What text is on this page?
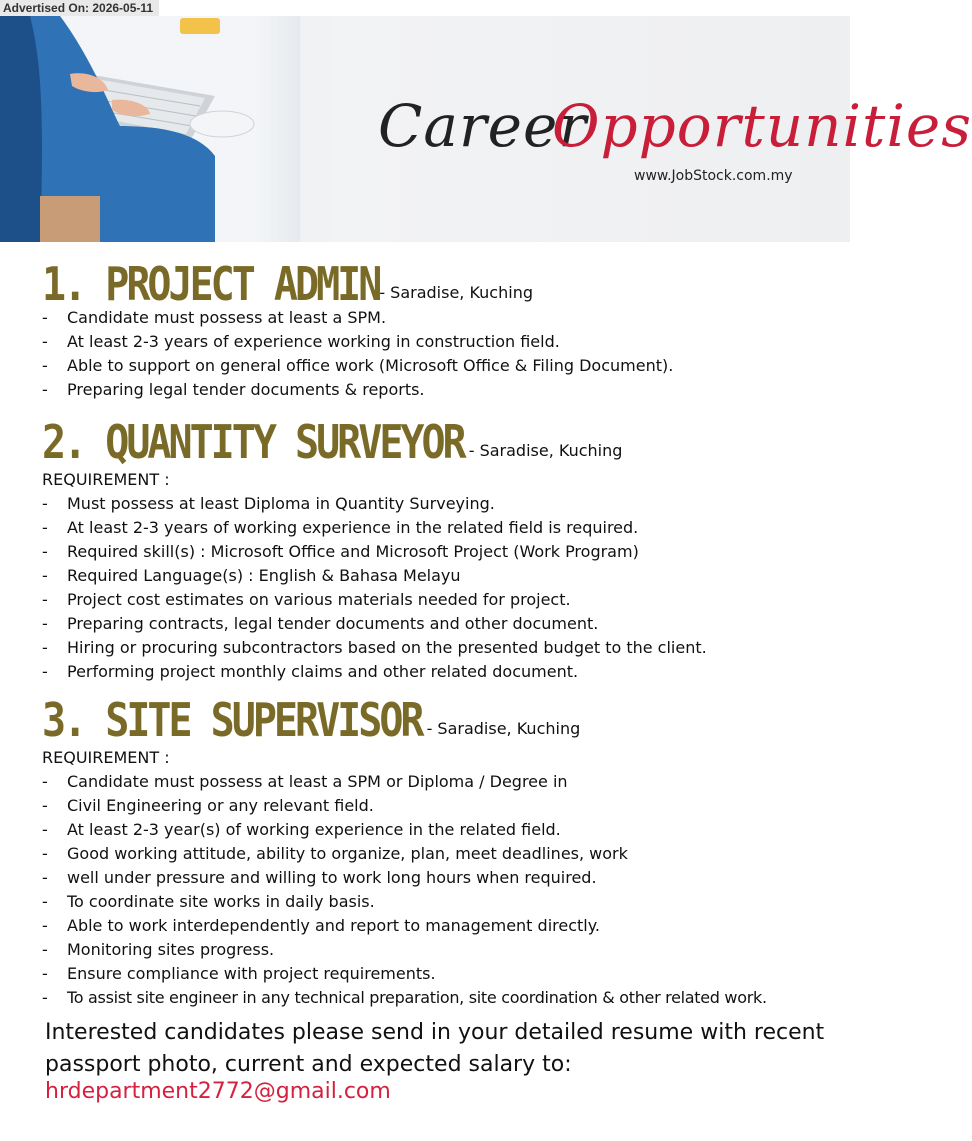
Advertised On: 2026-05-11
Career
Opportunities
www.JobStock.com.my
1. PROJECT ADMIN- Saradise, Kuching
- Candidate must possess at least a SPM.
- At least 2-3 years of experience working in construction field.
- Able to support on general office work (Microsoft Office & Filing Document).
- Preparing legal tender documents & reports.
2. QUANTITY SURVEYOR - Saradise, Kuching
REQUIREMENT :
- Must possess at least Diploma in Quantity Surveying.
- At least 2-3 years of working experience in the related field is required.
- Required skill(s) : Microsoft Office and Microsoft Project (Work Program)
- Required Language(s) : English & Bahasa Melayu
- Project cost estimates on various materials needed for project.
- Preparing contracts, legal tender documents and other document.
- Hiring or procuring subcontractors based on the presented budget to the client.
- Performing project monthly claims and other related document.
3. SITE SUPERVISOR - Saradise, Kuching
REQUIREMENT :
- Candidate must possess at least a SPM or Diploma / Degree in
- Civil Engineering or any relevant field.
- At least 2-3 year(s) of working experience in the related field.
- Good working attitude, ability to organize, plan, meet deadlines, work
- well under pressure and willing to work long hours when required.
- To coordinate site works in daily basis.
- Able to work interdependently and report to management directly.
- Monitoring sites progress.
- Ensure compliance with project requirements.
- To assist site engineer in any technical preparation, site coordination & other related work.
Interested candidates please send in your detailed resume with recent
passport photo, current and expected salary to:
hrdepartment2772@gmail.com
